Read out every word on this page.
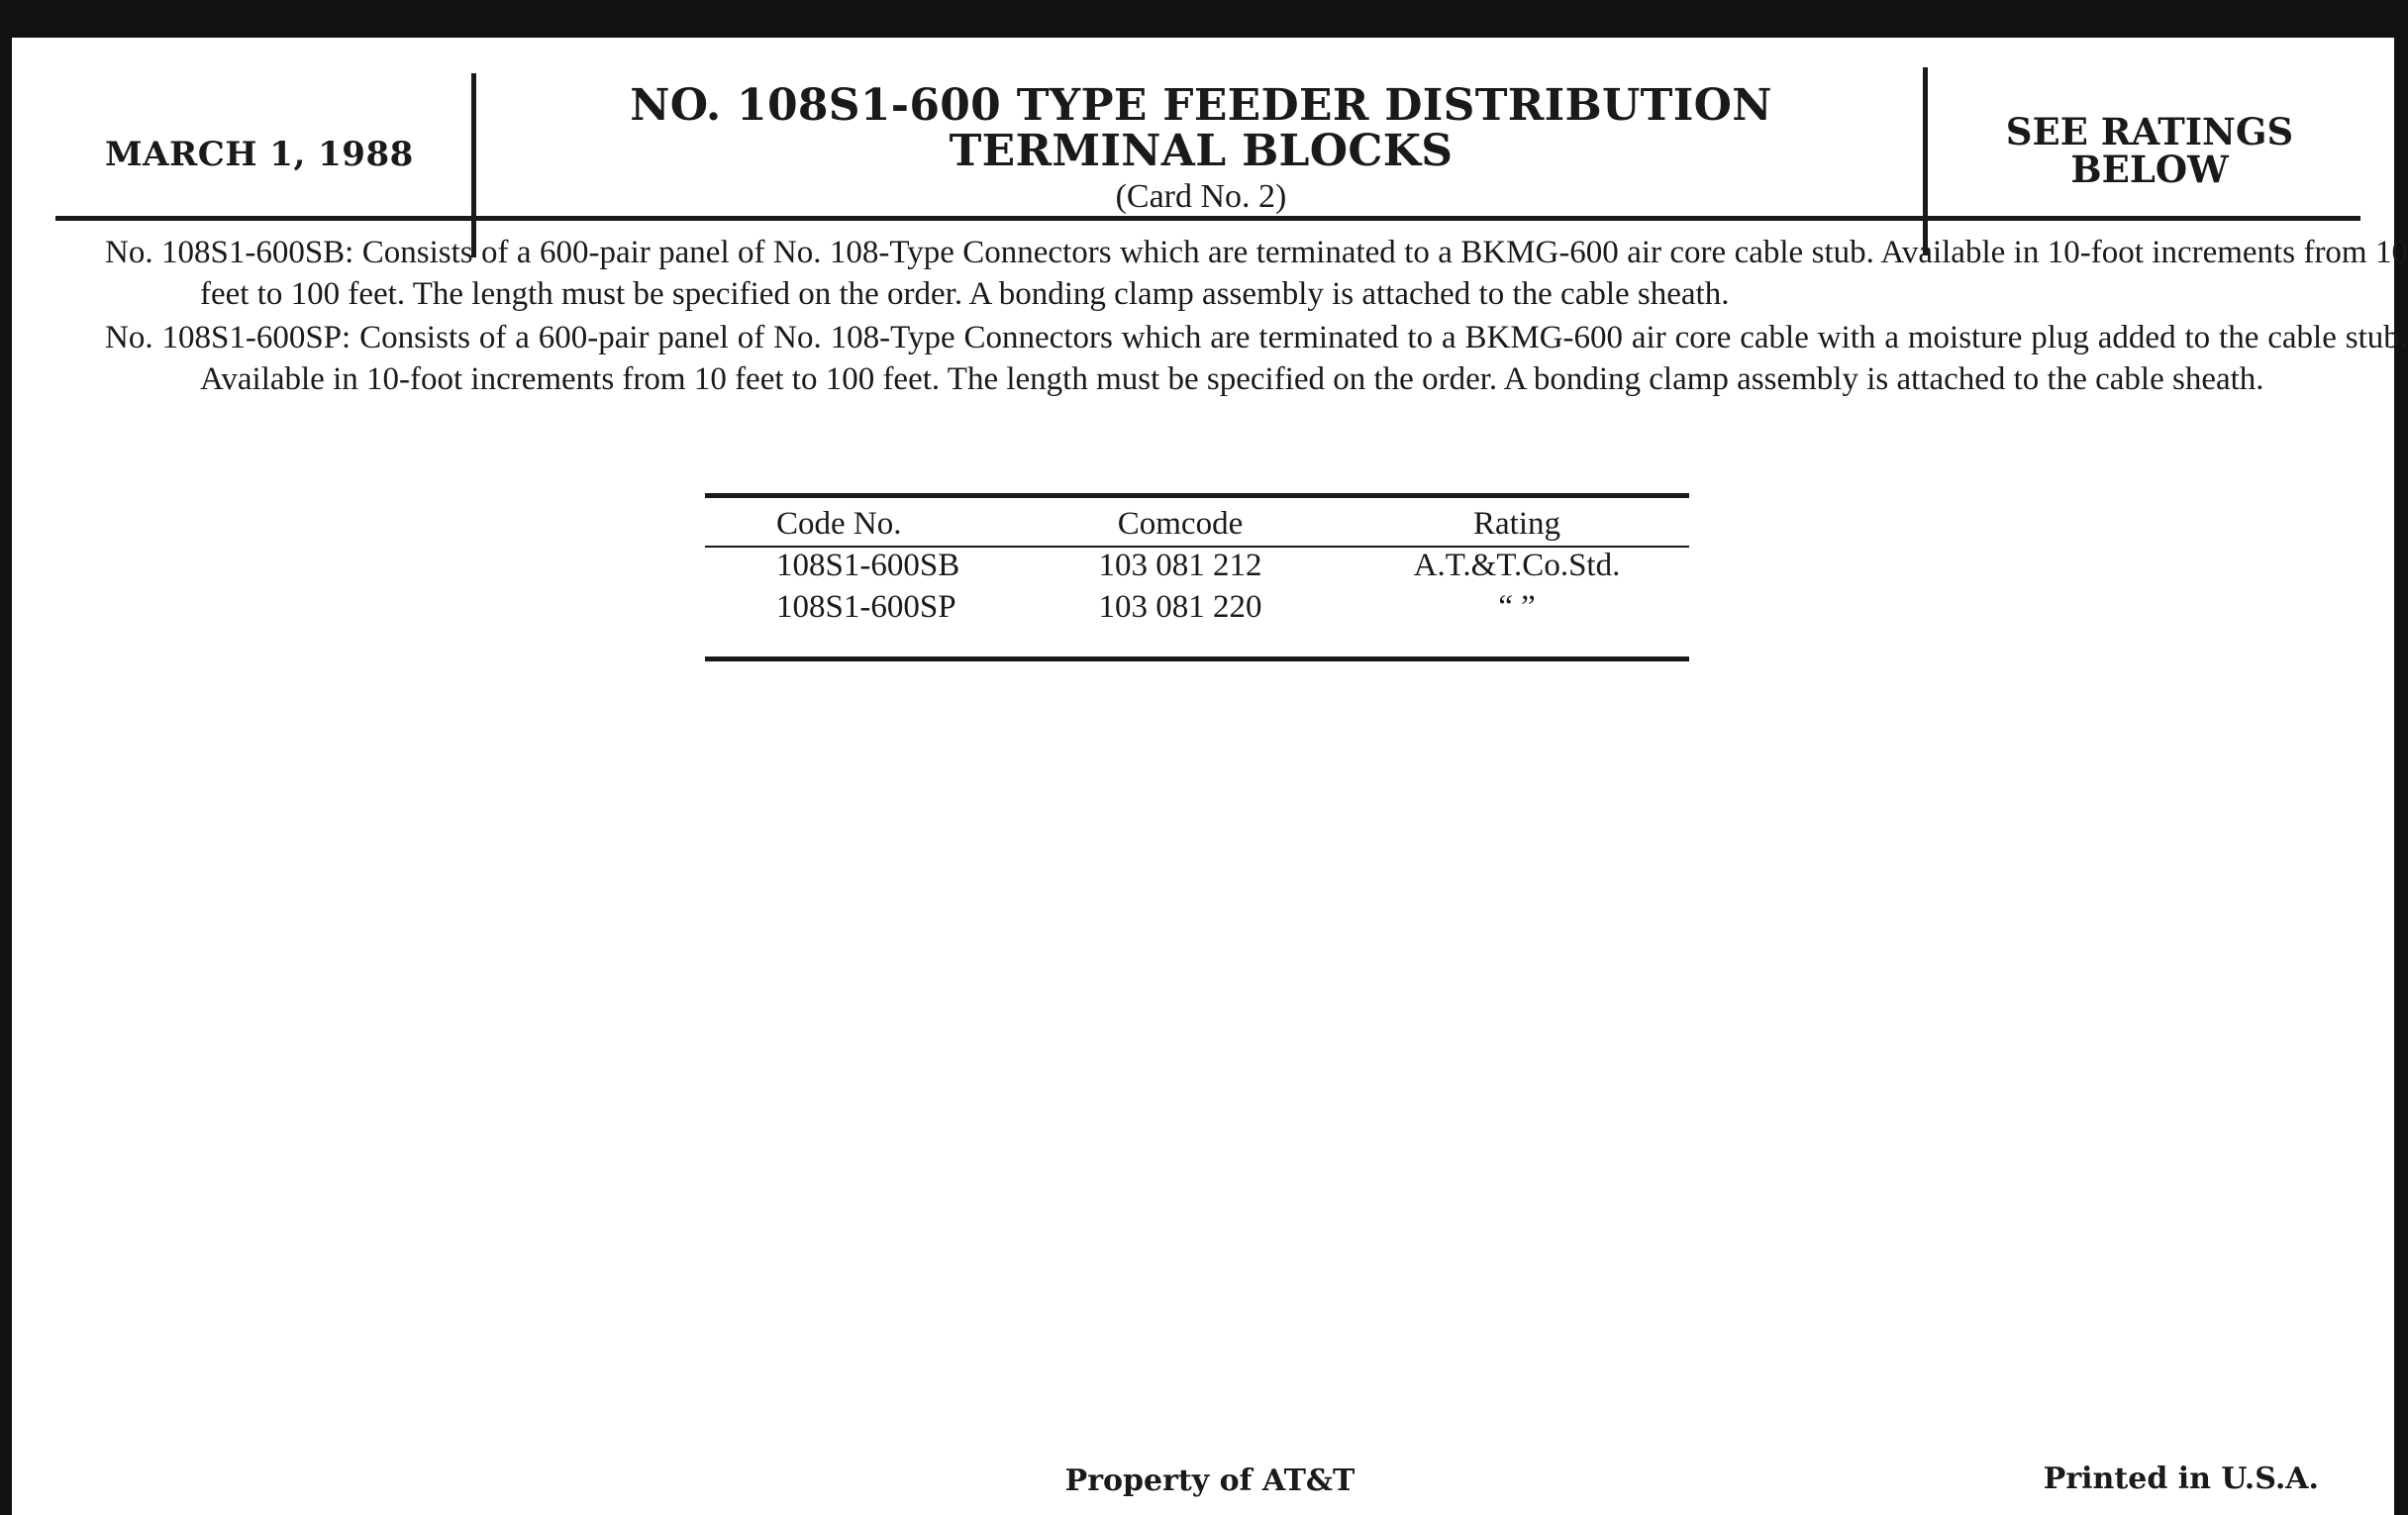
MARCH 1, 1988
NO. 108S1-600 TYPE FEEDER DISTRIBUTION
TERMINAL BLOCKS
(Card No. 2)
SEE RATINGS
BELOW
No. 108S1-600SB: Consists of a 600-pair panel of No. 108-Type Connectors which are terminated to a BKMG-600 air core cable stub. Available in 10-foot increments from 10 feet to 100 feet. The length must be specified on the order. A bonding clamp assembly is attached to the cable sheath.
No. 108S1-600SP: Consists of a 600-pair panel of No. 108-Type Connectors which are terminated to a BKMG-600 air core cable with a moisture plug added to the cable stub. Available in 10-foot increments from 10 feet to 100 feet. The length must be specified on the order. A bonding clamp assembly is attached to the cable sheath.
Code No.	Comcode	Rating
108S1-600SB	103 081 212	A.T.&T.Co.Std.
108S1-600SP	103 081 220	“ ”
Property of AT&T	Printed in U.S.A.
